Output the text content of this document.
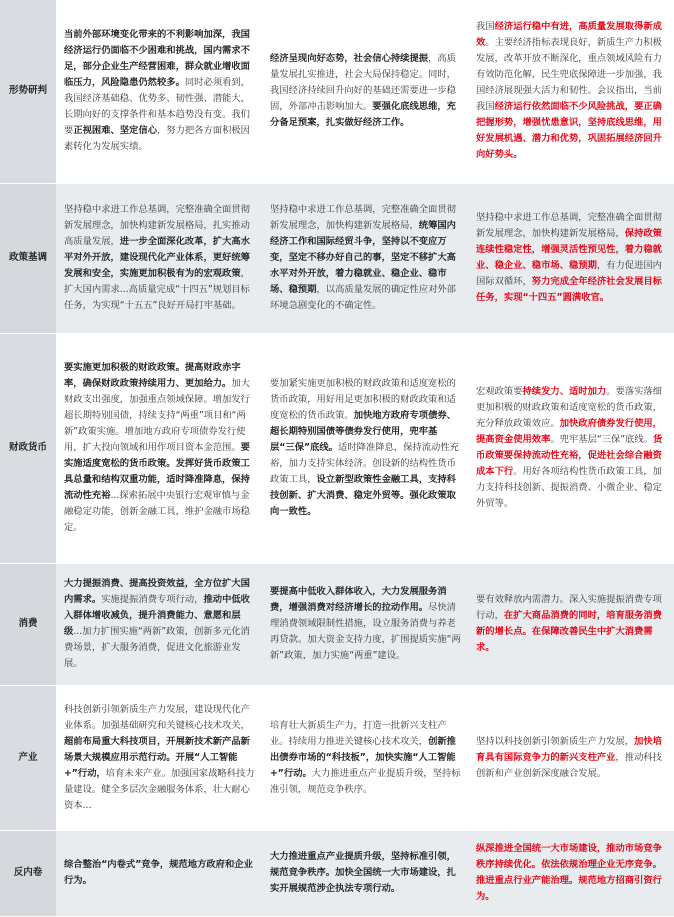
形势研判	当前外部环境变化带来的不利影响加深，我国经济运行仍面临不少困难和挑战，国内需求不足，部分企业生产经营困难，群众就业增收面临压力，风险隐患仍然较多。同时必须看到，我国经济基础稳、优势多、韧性强、潜能大，长期向好的支撑条件和基本趋势没有变。我们要正视困难、坚定信心，努力把各方面积极因素转化为发展实绩。	经济呈现向好态势，社会信心持续提振，高质量发展扎实推进，社会大局保持稳定。同时，我国经济持续回升向好的基础还需要进一步稳固，外部冲击影响加大。要强化底线思维，充分备足预案，扎实做好经济工作。	我国经济运行稳中有进，高质量发展取得新成效。主要经济指标表现良好，新质生产力积极发展，改革开放不断深化，重点领域风险有力有效防范化解，民生兜底保障进一步加强，我国经济展现强大活力和韧性。会议指出，当前我国经济运行依然面临不少风险挑战，要正确把握形势，增强忧患意识，坚持底线思维，用好发展机遇、潜力和优势，巩固拓展经济回升向好势头。
政策基调	坚持稳中求进工作总基调，完整准确全面贯彻新发展理念，加快构建新发展格局，扎实推动高质量发展，进一步全面深化改革，扩大高水平对外开放，建设现代化产业体系，更好统筹发展和安全，实施更加积极有为的宏观政策，扩大国内需求...高质量完成“十四五”规划目标任务，为实现“十五五”良好开局打牢基础。	坚持稳中求进工作总基调，完整准确全面贯彻新发展理念，加快构建新发展格局，统筹国内经济工作和国际经贸斗争，坚持以不变应万变，坚定不移办好自己的事，坚定不移扩大高水平对外开放，着力稳就业、稳企业、稳市场、稳预期，以高质量发展的确定性应对外部环境急剧变化的不确定性。	坚持稳中求进工作总基调，完整准确全面贯彻新发展理念，加快构建新发展格局，保持政策连续性稳定性，增强灵活性预见性，着力稳就业、稳企业、稳市场、稳预期，有力促进国内国际双循环，努力完成全年经济社会发展目标任务，实现“十四五”圆满收官。
财政货币	要实施更加积极的财政政策。提高财政赤字率，确保财政政策持续用力、更加给力。加大财政支出强度，加强重点领域保障。增加发行超长期特别国债，持续支持“两重”项目和“两新”政策实施。增加地方政府专项债券发行使用，扩大投向领域和用作项目资本金范围。要实施适度宽松的货币政策。发挥好货币政策工具总量和结构双重功能，适时降准降息，保持流动性充裕...探索拓展中央银行宏观审慎与金融稳定功能，创新金融工具，维护金融市场稳定。	要加紧实施更加积极的财政政策和适度宽松的货币政策，用好用足更加积极的财政政策和适度宽松的货币政策。加快地方政府专项债券、超长期特别国债等债券发行使用，兜牢基层“三保”底线。适时降准降息，保持流动性充裕，加力支持实体经济。创设新的结构性货币政策工具，设立新型政策性金融工具，支持科技创新、扩大消费、稳定外贸等。强化政策取向一致性。	宏观政策要持续发力、适时加力。要落实落细更加积极的财政政策和适度宽松的货币政策，充分释放政策效应。加快政府债券发行使用，提高资金使用效率。兜牢基层“三保”底线。货币政策要保持流动性充裕，促进社会综合融资成本下行。用好各项结构性货币政策工具，加力支持科技创新、提振消费、小微企业、稳定外贸等。
消费	大力提振消费、提高投资效益，全方位扩大国内需求。实施提振消费专项行动，推动中低收入群体增收减负，提升消费能力、意愿和层级...加力扩围实施“两新”政策，创新多元化消费场景，扩大服务消费，促进文化旅游业发展。	要提高中低收入群体收入，大力发展服务消费，增强消费对经济增长的拉动作用。尽快清理消费领域限制性措施，设立服务消费与养老再贷款。加大资金支持力度，扩围提质实施“两新”政策，加力实施“两重”建设。	要有效释放内需潜力。深入实施提振消费专项行动，在扩大商品消费的同时，培育服务消费新的增长点。在保障改善民生中扩大消费需求。
产业	科技创新引领新质生产力发展，建设现代化产业体系。加强基础研究和关键核心技术攻关，超前布局重大科技项目，开展新技术新产品新场景大规模应用示范行动。开展“人工智能+”行动，培育未来产业。加强国家战略科技力量建设。健全多层次金融服务体系，壮大耐心资本...	培育壮大新质生产力，打造一批新兴支柱产业。持续用力推进关键核心技术攻关，创新推出债券市场的“科技板”，加快实施“人工智能+”行动。大力推进重点产业提质升级，坚持标准引领，规范竞争秩序。	坚持以科技创新引领新质生产力发展，加快培育具有国际竞争力的新兴支柱产业，推动科技创新和产业创新深度融合发展。
反内卷	综合整治“内卷式”竞争，规范地方政府和企业行为。	大力推进重点产业提质升级，坚持标准引领，规范竞争秩序。加快全国统一大市场建设，扎实开展规范涉企执法专项行动。	纵深推进全国统一大市场建设，推动市场竞争秩序持续优化。依法依规治理企业无序竞争。推进重点行业产能治理。规范地方招商引资行为。
